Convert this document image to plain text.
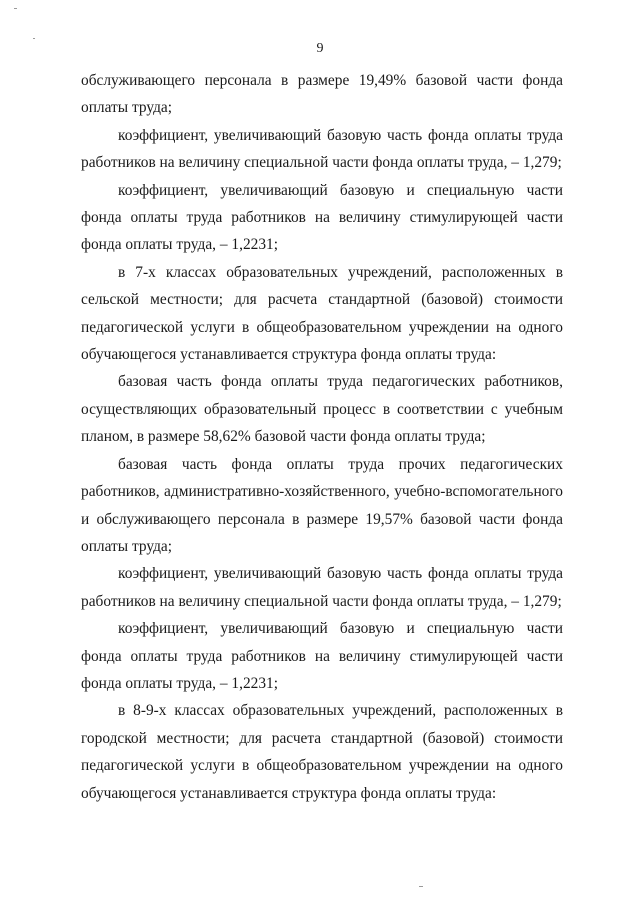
9

обслуживающего персонала в размере 19,49% базовой части фонда оплаты труда;

коэффициент, увеличивающий базовую часть фонда оплаты труда работников на величину специальной части фонда оплаты труда, – 1,279;

коэффициент, увеличивающий базовую и специальную части фонда оплаты труда работников на величину стимулирующей части фонда оплаты труда, – 1,2231;

в 7-х классах образовательных учреждений, расположенных в сельской местности; для расчета стандартной (базовой) стоимости педагогической услуги в общеобразовательном учреждении на одного обучающегося устанавливается структура фонда оплаты труда:

базовая часть фонда оплаты труда педагогических работников, осуществляющих образовательный процесс в соответствии с учебным планом, в размере 58,62% базовой части фонда оплаты труда;

базовая часть фонда оплаты труда прочих педагогических работников, административно-хозяйственного, учебно-вспомогательного и обслуживающего персонала в размере 19,57% базовой части фонда оплаты труда;

коэффициент, увеличивающий базовую часть фонда оплаты труда работников на величину специальной части фонда оплаты труда, – 1,279;

коэффициент, увеличивающий базовую и специальную части фонда оплаты труда работников на величину стимулирующей части фонда оплаты труда, – 1,2231;

в 8-9-х классах образовательных учреждений, расположенных в городской местности; для расчета стандартной (базовой) стоимости педагогической услуги в общеобразовательном учреждении на одного обучающегося устанавливается структура фонда оплаты труда:
